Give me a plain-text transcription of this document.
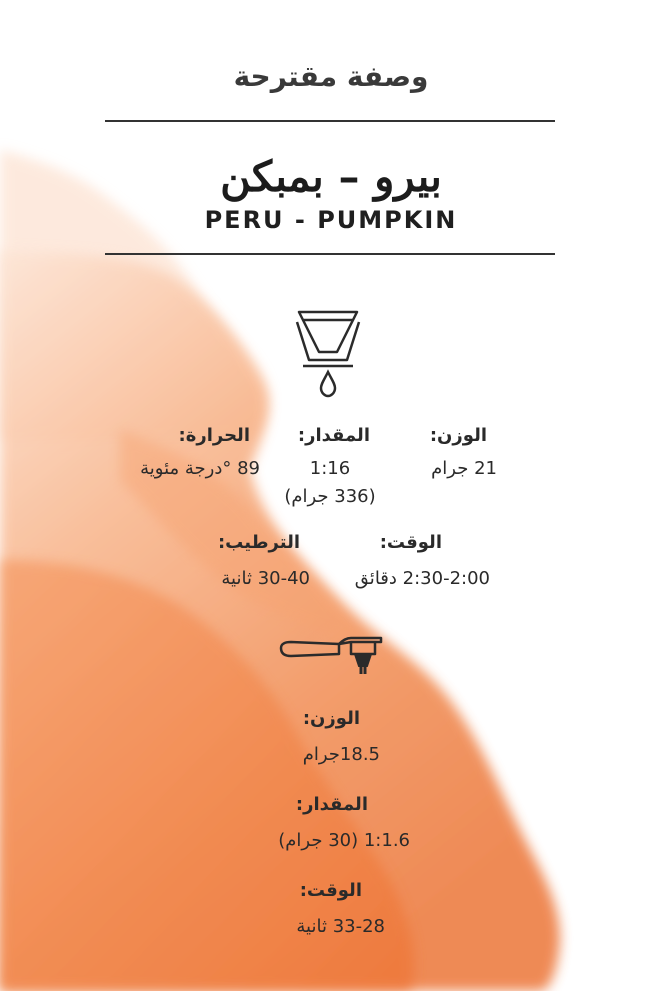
وصفة مقترحة
بيرو – بمبكن
PERU - PUMPKIN
الوزن:
المقدار:
الحرارة:
21 جرام
1:16
(336 جرام)
89 °درجة مئوية
الوقت:
الترطيب:
2:30-2:00 دقائق
30-40 ثانية
الوزن:
18.5جرام
المقدار:
1:1.6 (30 جرام)
الوقت:
33-28 ثانية
